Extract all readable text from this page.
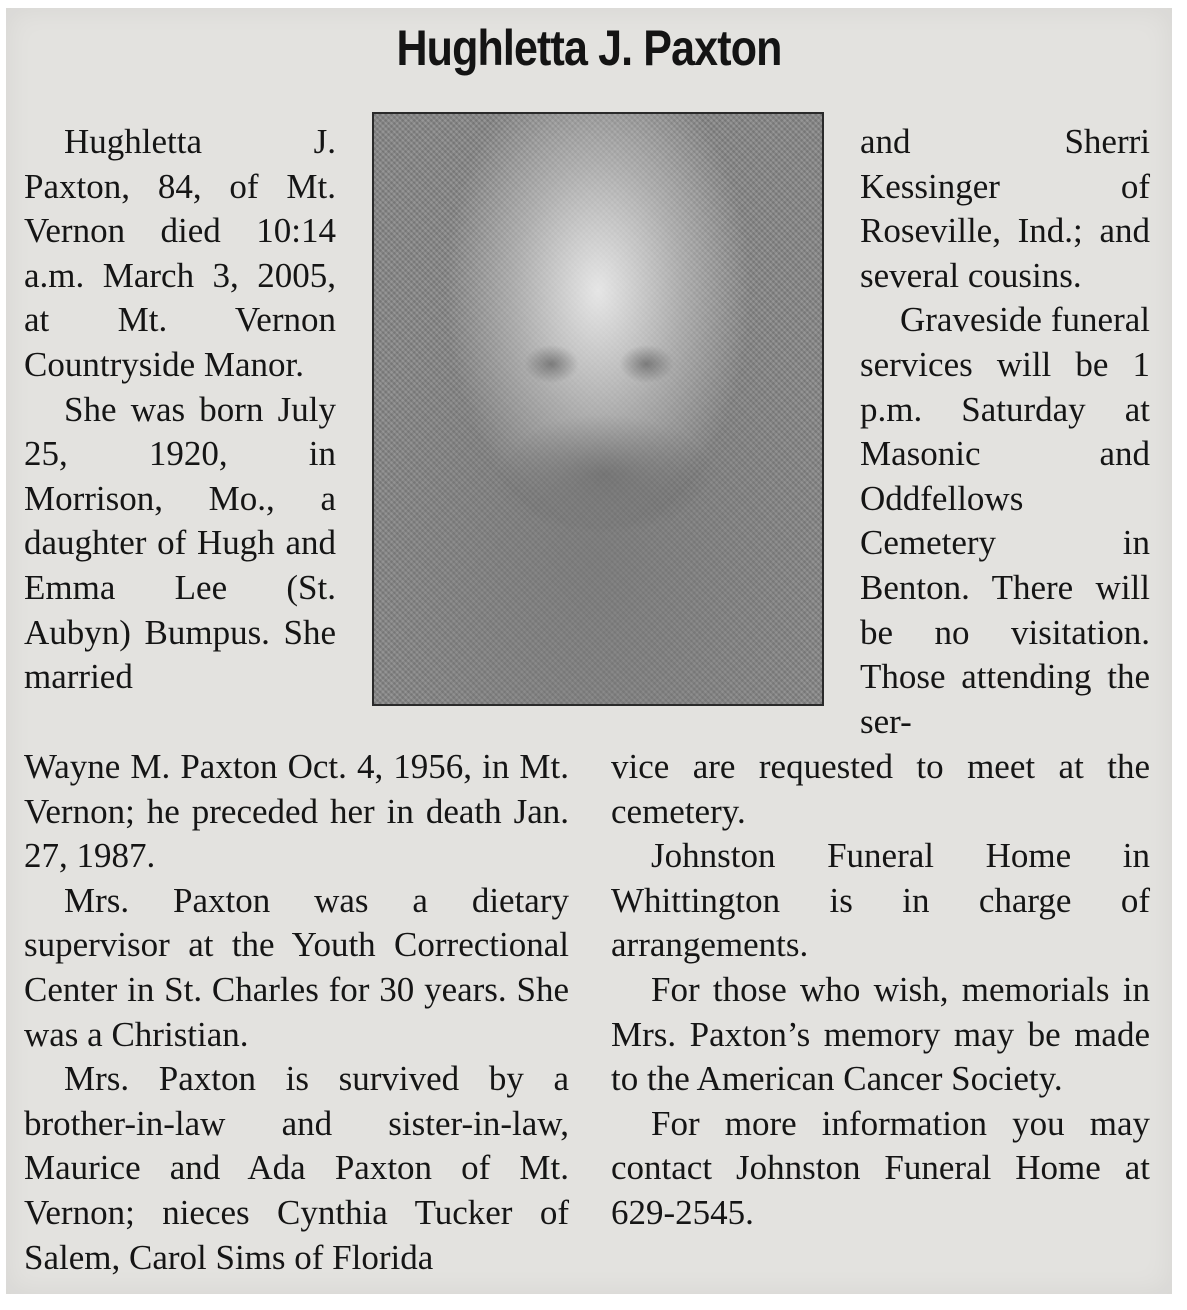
Hughletta J. Paxton

Hughletta J. Paxton, 84, of Mt. Vernon died 10:14 a.m. March 3, 2005, at Mt. Vernon Countryside Manor.

She was born July 25, 1920, in Morrison, Mo., a daughter of Hugh and Emma Lee (St. Aubyn) Bumpus. She married

and Sherri Kessinger of Roseville, Ind.; and several cousins.

Graveside funeral services will be 1 p.m. Saturday at Masonic and Oddfellows Cemetery in Benton. There will be no visitation. Those attending the ser-

Wayne M. Paxton Oct. 4, 1956, in Mt. Vernon; he preceded her in death Jan. 27, 1987.

Mrs. Paxton was a dietary supervisor at the Youth Correctional Center in St. Charles for 30 years. She was a Christian.

Mrs. Paxton is survived by a brother-in-law and sister-in-law, Maurice and Ada Paxton of Mt. Vernon; nieces Cynthia Tucker of Salem, Carol Sims of Florida

vice are requested to meet at the cemetery.

Johnston Funeral Home in Whittington is in charge of arrangements.

For those who wish, memorials in Mrs. Paxton’s memory may be made to the American Cancer Society.

For more information you may contact Johnston Funeral Home at 629-2545.
